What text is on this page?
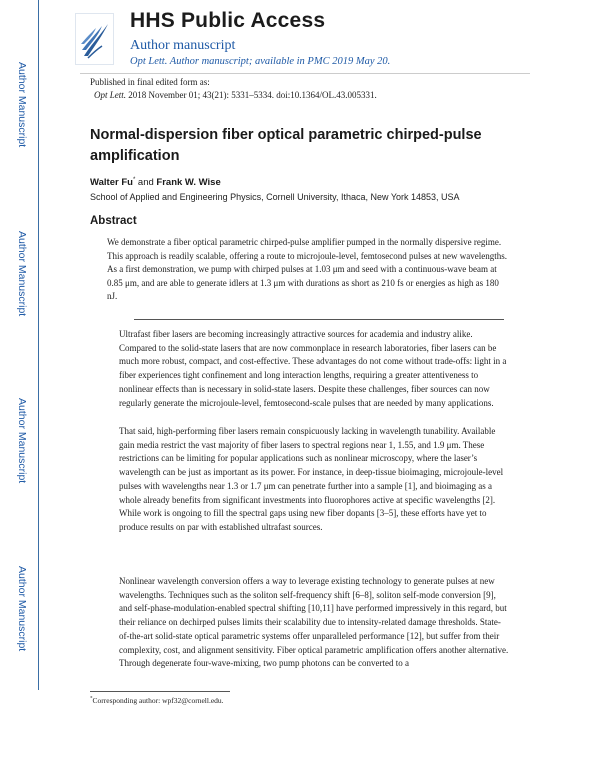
Author Manuscript
Author Manuscript
Author Manuscript
Author Manuscript
HHS Public Access
Author manuscript
Opt Lett. Author manuscript; available in PMC 2019 May 20.
Published in final edited form as:
Opt Lett. 2018 November 01; 43(21): 5331–5334. doi:10.1364/OL.43.005331.
Normal-dispersion fiber optical parametric chirped-pulse amplification
Walter Fu* and Frank W. Wise
School of Applied and Engineering Physics, Cornell University, Ithaca, New York 14853, USA
Abstract
We demonstrate a fiber optical parametric chirped-pulse amplifier pumped in the normally dispersive regime. This approach is readily scalable, offering a route to microjoule-level, femtosecond pulses at new wavelengths. As a first demonstration, we pump with chirped pulses at 1.03 μm and seed with a continuous-wave beam at 0.85 μm, and are able to generate idlers at 1.3 μm with durations as short as 210 fs or energies as high as 180 nJ.
Ultrafast fiber lasers are becoming increasingly attractive sources for academia and industry alike. Compared to the solid-state lasers that are now commonplace in research laboratories, fiber lasers can be much more robust, compact, and cost-effective. These advantages do not come without trade-offs: light in a fiber experiences tight confinement and long interaction lengths, requiring a greater attentiveness to nonlinear effects than is necessary in solid-state lasers. Despite these challenges, fiber sources can now regularly generate the microjoule-level, femtosecond-scale pulses that are needed by many applications.
That said, high-performing fiber lasers remain conspicuously lacking in wavelength tunability. Available gain media restrict the vast majority of fiber lasers to spectral regions near 1, 1.55, and 1.9 μm. These restrictions can be limiting for popular applications such as nonlinear microscopy, where the laser’s wavelength can be just as important as its power. For instance, in deep-tissue bioimaging, microjoule-level pulses with wavelengths near 1.3 or 1.7 μm can penetrate further into a sample [1], and bioimaging as a whole already benefits from significant investments into fluorophores active at specific wavelengths [2]. While work is ongoing to fill the spectral gaps using new fiber dopants [3–5], these efforts have yet to produce results on par with established ultrafast sources.
Nonlinear wavelength conversion offers a way to leverage existing technology to generate pulses at new wavelengths. Techniques such as the soliton self-frequency shift [6–8], soliton self-mode conversion [9], and self-phase-modulation-enabled spectral shifting [10,11] have performed impressively in this regard, but their reliance on dechirped pulses limits their scalability due to intensity-related damage thresholds. State-of-the-art solid-state optical parametric systems offer unparalleled performance [12], but suffer from their complexity, cost, and alignment sensitivity. Fiber optical parametric amplification offers another alternative. Through degenerate four-wave-mixing, two pump photons can be converted to a
*Corresponding author: wpf32@cornell.edu.
